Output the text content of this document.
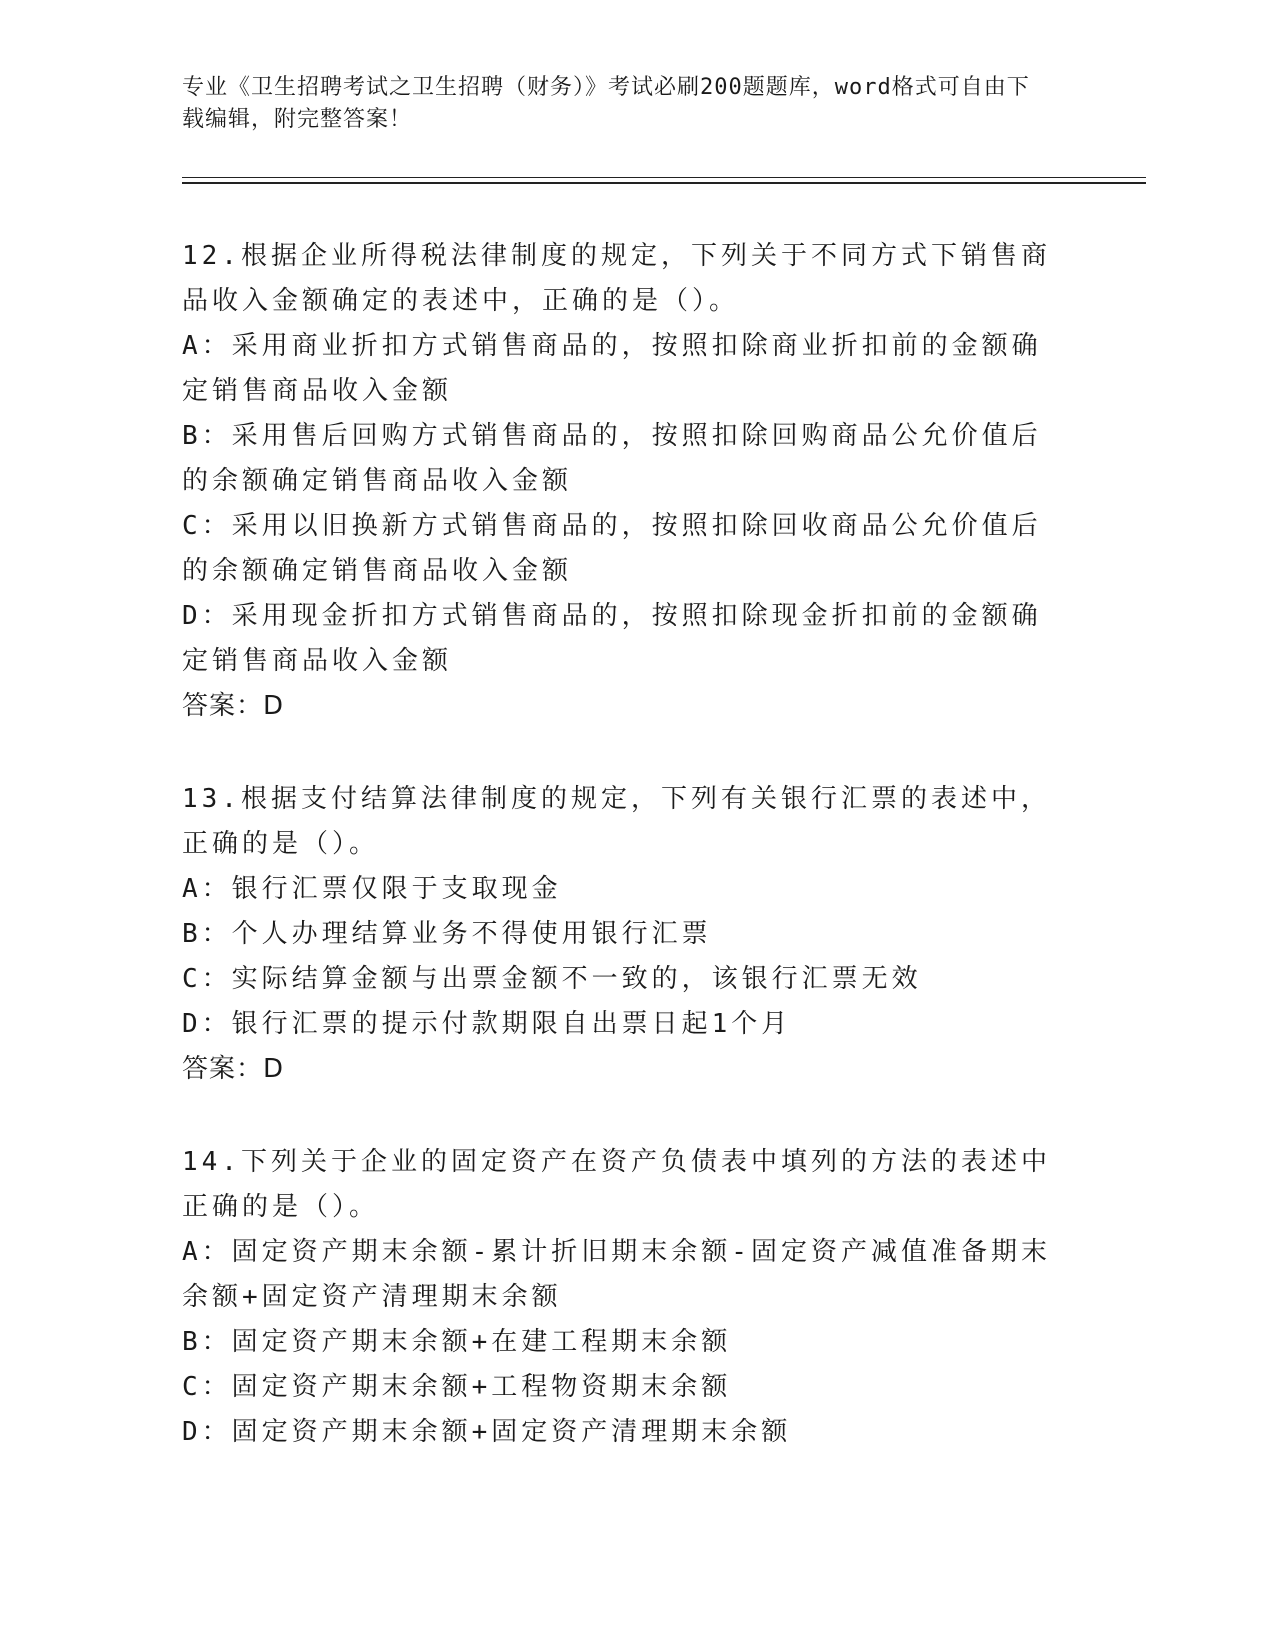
专业《卫生招聘考试之卫生招聘（财务）》考试必刷200题题库，word格式可自由下载编辑，附完整答案！

12.根据企业所得税法律制度的规定，下列关于不同方式下销售商品收入金额确定的表述中，正确的是（）。

A：采用商业折扣方式销售商品的，按照扣除商业折扣前的金额确定销售商品收入金额

B：采用售后回购方式销售商品的，按照扣除回购商品公允价值后的余额确定销售商品收入金额

C：采用以旧换新方式销售商品的，按照扣除回收商品公允价值后的余额确定销售商品收入金额

D：采用现金折扣方式销售商品的，按照扣除现金折扣前的金额确定销售商品收入金额

答案：D

13.根据支付结算法律制度的规定，下列有关银行汇票的表述中，正确的是（）。

A：银行汇票仅限于支取现金

B：个人办理结算业务不得使用银行汇票

C：实际结算金额与出票金额不一致的，该银行汇票无效

D：银行汇票的提示付款期限自出票日起1个月

答案：D

14.下列关于企业的固定资产在资产负债表中填列的方法的表述中正确的是（）。

A：固定资产期末余额-累计折旧期末余额-固定资产减值准备期末余额+固定资产清理期末余额

B：固定资产期末余额+在建工程期末余额

C：固定资产期末余额+工程物资期末余额

D：固定资产期末余额+固定资产清理期末余额
